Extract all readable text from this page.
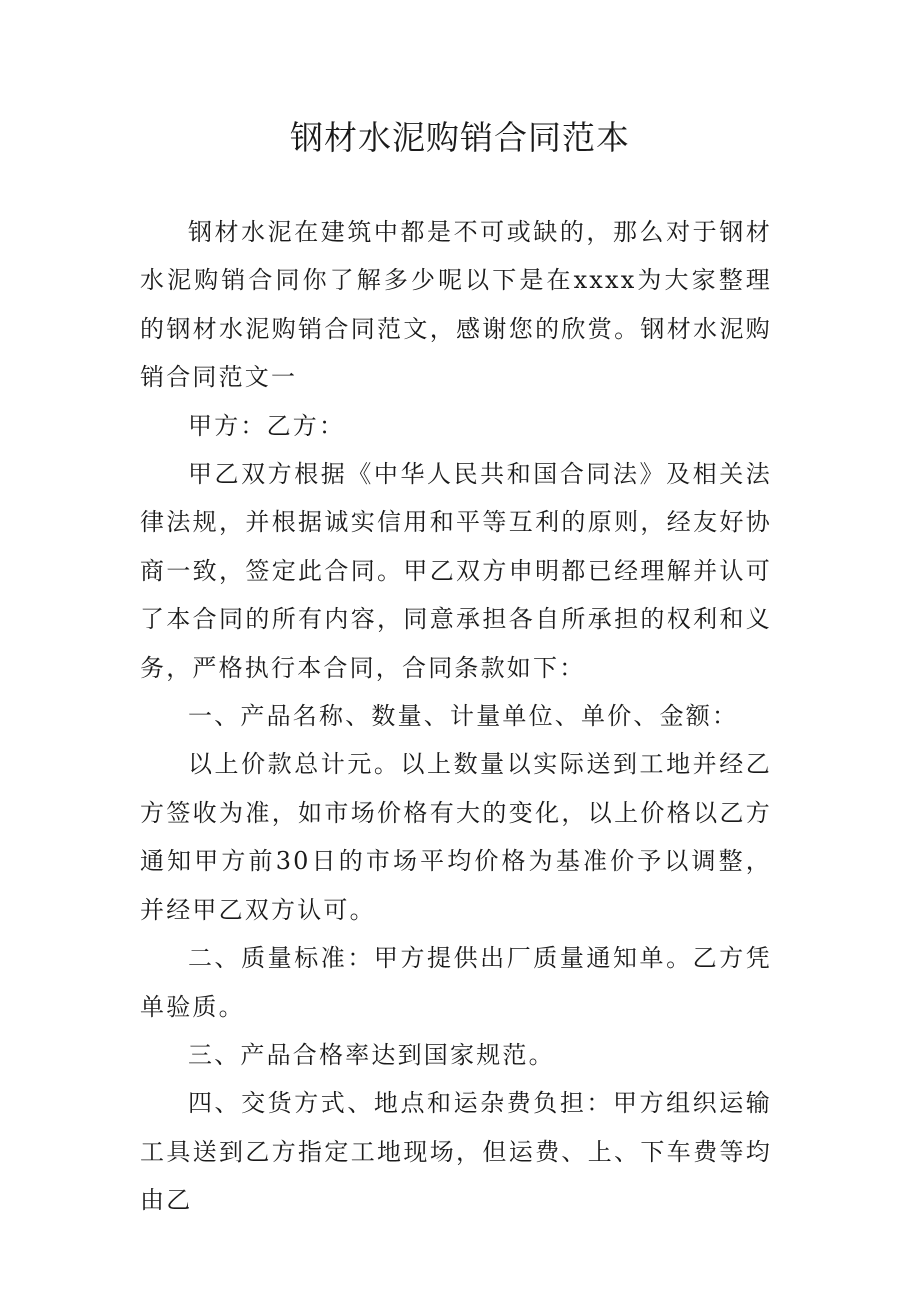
钢材水泥购销合同范本

钢材水泥在建筑中都是不可或缺的，那么对于钢材水泥购销合同你了解多少呢以下是在xxxx为大家整理的钢材水泥购销合同范文，感谢您的欣赏。钢材水泥购销合同范文一

甲方：乙方：

甲乙双方根据《中华人民共和国合同法》及相关法律法规，并根据诚实信用和平等互利的原则，经友好协商一致，签定此合同。甲乙双方申明都已经理解并认可了本合同的所有内容，同意承担各自所承担的权利和义务，严格执行本合同，合同条款如下：

一、产品名称、数量、计量单位、单价、金额：

以上价款总计元。以上数量以实际送到工地并经乙方签收为准，如市场价格有大的变化，以上价格以乙方通知甲方前30日的市场平均价格为基准价予以调整，并经甲乙双方认可。

二、质量标准：甲方提供出厂质量通知单。乙方凭单验质。

三、产品合格率达到国家规范。

四、交货方式、地点和运杂费负担：甲方组织运输工具送到乙方指定工地现场，但运费、上、下车费等均由乙
